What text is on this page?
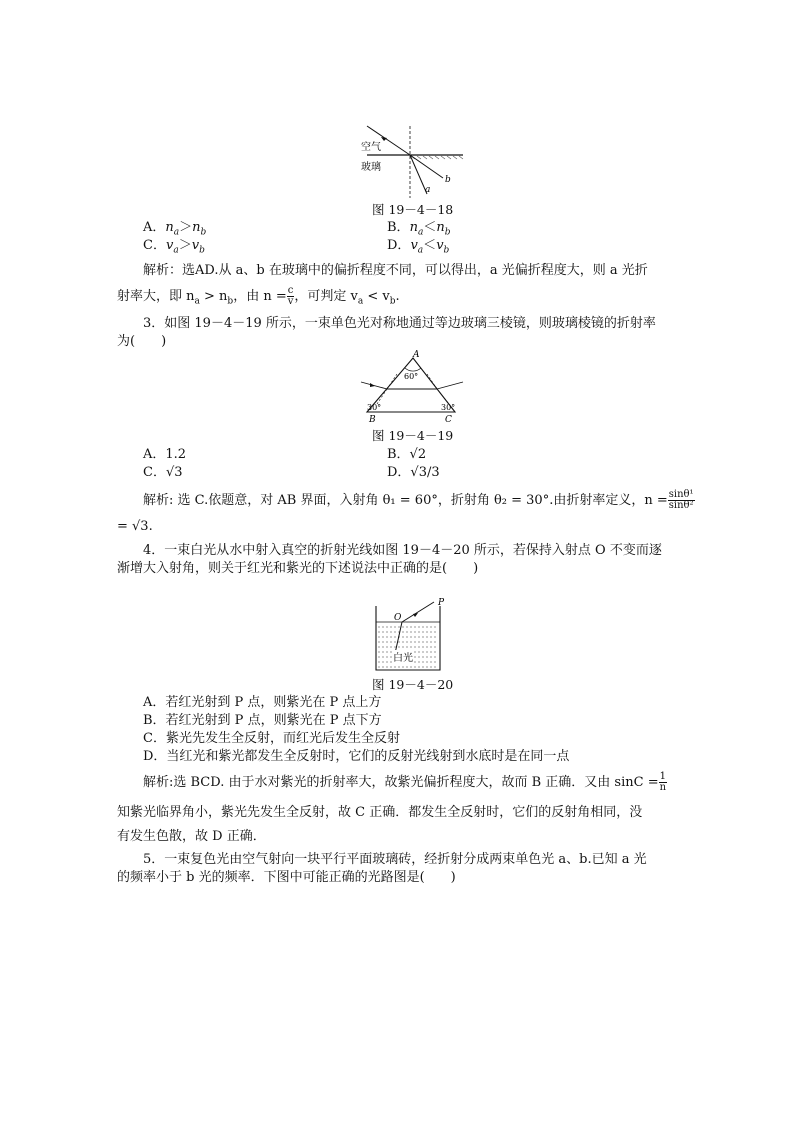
空气
玻璃
a
b
图 19－4－18
A．$n_a>n_b$	B．$n_a<n_b$
C．$v_a>v_b$	D．$v_a<v_b$
解析：选AD.从 a、b 在玻璃中的偏折程度不同，可以得出，a 光偏折程度大，则 a 光折
射率大，即 $n_a > n_b$，由 $n = \frac{c}{v}$ ，可判定 $v_a < v_b$.
3．如图 19－4－19 所示，一束单色光对称地通过等边玻璃三棱镜，则玻璃棱镜的折射率
为(　　)
A
60°
30°	30°
B	C
图 19－4－19
A．1.2	B．√2
C．√3	D．√3/3
解析: 选 C.依题意，对 AB 界面，入射角 θ₁ = 60°，折射角 θ₂ = 30°.由折射率定义，$n = \frac{\text{sinθ¹}}{\text{sinθ²}}$
= √3.
4．一束白光从水中射入真空的折射光线如图 19－4－20 所示，若保持入射点 O 不变而逐
渐增大入射角，则关于红光和紫光的下述说法中正确的是(　　)
O
P
白光
图 19－4－20
A．若红光射到 P 点，则紫光在 P 点上方
B．若红光射到 P 点，则紫光在 P 点下方
C．紫光先发生全反射，而红光后发生全反射
D．当红光和紫光都发生全反射时，它们的反射光线射到水底时是在同一点
解析:选 BCD. 由于水对紫光的折射率大，故紫光偏折程度大，故而 B 正确．又由 $\sin C = \frac{1}{n}$
知紫光临界角小，紫光先发生全反射，故 C 正确．都发生全反射时，它们的反射角相同，没
有发生色散，故 D 正确．
5．一束复色光由空气射向一块平行平面玻璃砖，经折射分成两束单色光 a、b.已知 a 光
的频率小于 b 光的频率．下图中可能正确的光路图是(　　)
